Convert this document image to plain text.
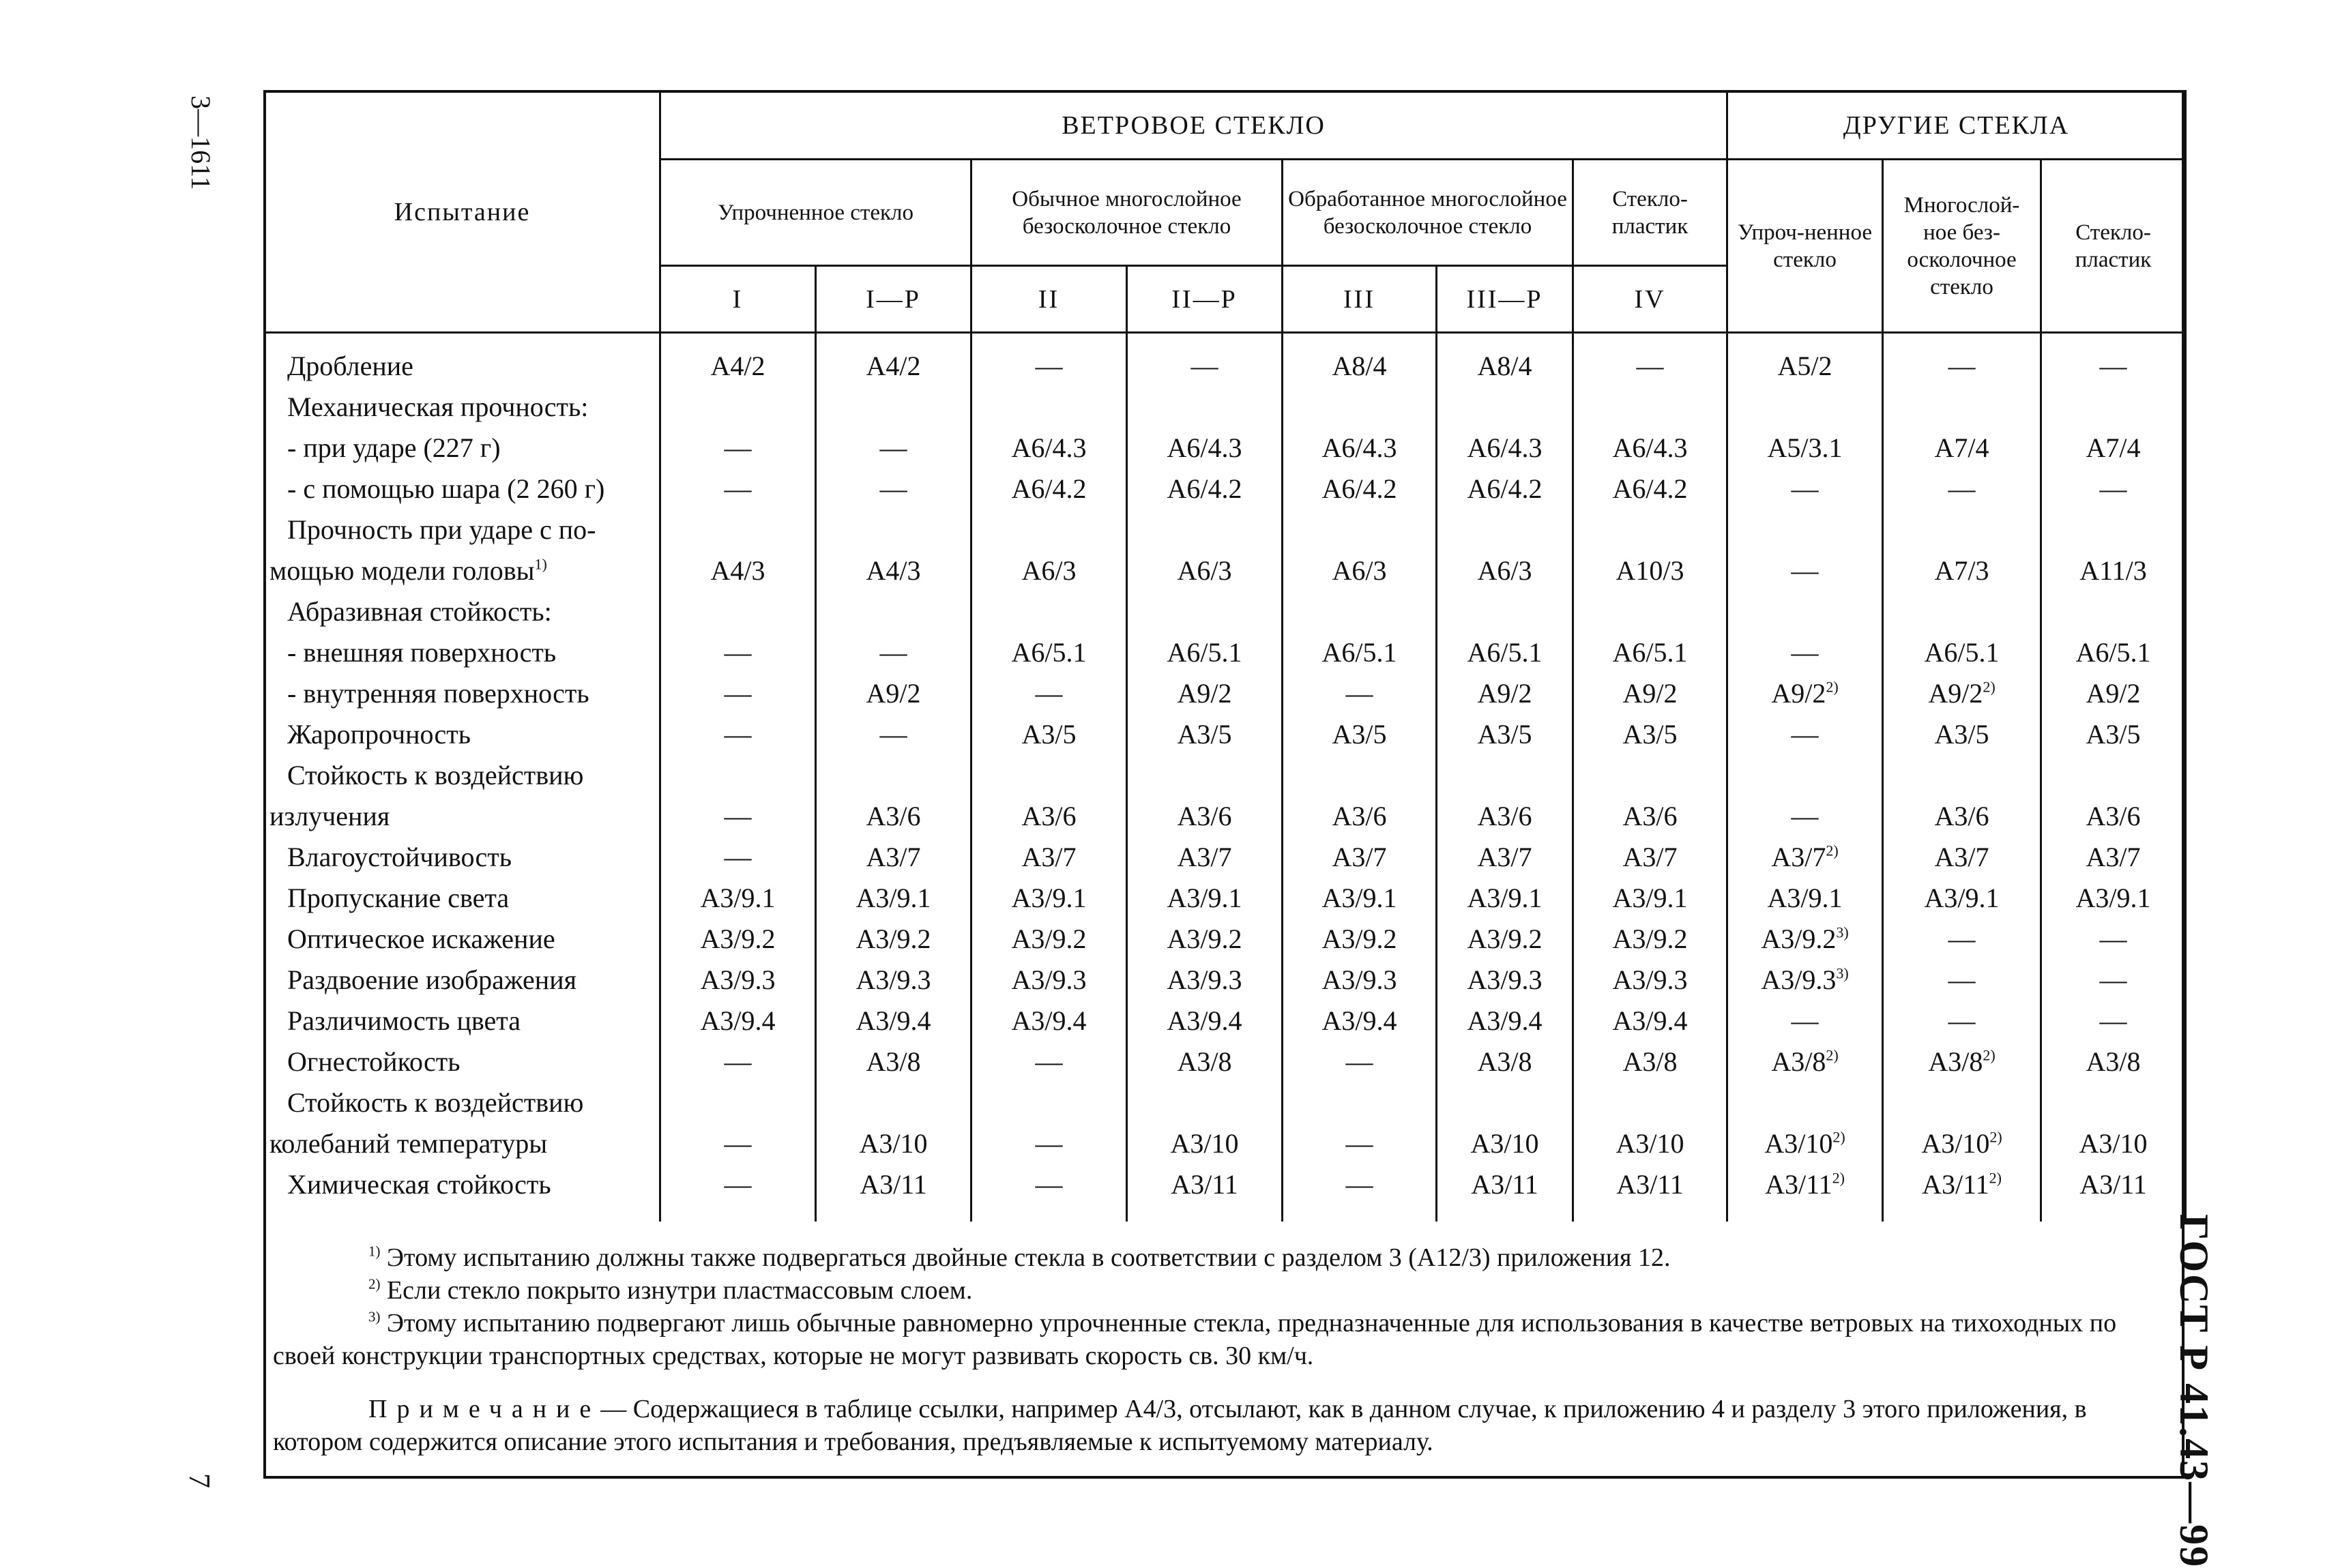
3—1611
7	ГОСТ Р 41.43—99
Испытание	ВЕТРОВОЕ СТЕКЛО							ДРУГИЕ СТЕКЛА		
	Упрочненное стекло		Обычное многослойное безосколочное стекло		Обработанное многослойное безосколочное стекло		Стекло-пластик	Упроч-ненное стекло	Многослой-ное без-осколочное стекло	Стекло-пластик
	I	I—P	II	II—P	III	III—P	IV			
Дробление	A4/2	A4/2	—	—	A8/4	A8/4	—	A5/2	—	—
Механическая прочность:										
- при ударе (227 г)	—	—	A6/4.3	A6/4.3	A6/4.3	A6/4.3	A6/4.3	A5/3.1	A7/4	A7/4
- с помощью шара (2 260 г)	—	—	A6/4.2	A6/4.2	A6/4.2	A6/4.2	A6/4.2	—	—	—
Прочность при ударе с по-										
мощью модели головы$^{1)}$	A4/3	A4/3	A6/3	A6/3	A6/3	A6/3	A10/3	—	A7/3	A11/3
Абразивная стойкость:										
- внешняя поверхность	—	—	A6/5.1	A6/5.1	A6/5.1	A6/5.1	A6/5.1	—	A6/5.1	A6/5.1
- внутренняя поверхность	—	A9/2	—	A9/2	—	A9/2	A9/2	A9/2$^{2)}$	A9/2$^{2)}$	A9/2
Жаропрочность	—	—	A3/5	A3/5	A3/5	A3/5	A3/5	—	A3/5	A3/5
Стойкость к воздействию										
излучения	—	A3/6	A3/6	A3/6	A3/6	A3/6	A3/6	—	A3/6	A3/6
Влагоустойчивость	—	A3/7	A3/7	A3/7	A3/7	A3/7	A3/7	A3/7$^{2)}$	A3/7	A3/7
Пропускание света	A3/9.1	A3/9.1	A3/9.1	A3/9.1	A3/9.1	A3/9.1	A3/9.1	A3/9.1	A3/9.1	A3/9.1
Оптическое искажение	A3/9.2	A3/9.2	A3/9.2	A3/9.2	A3/9.2	A3/9.2	A3/9.2	A3/9.2$^{3)}$	—	—
Раздвоение изображения	A3/9.3	A3/9.3	A3/9.3	A3/9.3	A3/9.3	A3/9.3	A3/9.3	A3/9.3$^{3)}$	—	—
Различимость цвета	A3/9.4	A3/9.4	A3/9.4	A3/9.4	A3/9.4	A3/9.4	A3/9.4	—	—	—
Огнестойкость	—	A3/8	—	A3/8	—	A3/8	A3/8	A3/8$^{2)}$	A3/8$^{2)}$	A3/8
Стойкость к воздействию										
колебаний температуры	—	A3/10	—	A3/10	—	A3/10	A3/10	A3/10$^{2)}$	A3/10$^{2)}$	A3/10
Химическая стойкость	—	A3/11	—	A3/11	—	A3/11	A3/11	A3/11$^{2)}$	A3/11$^{2)}$	A3/11

$^{1)}$ Этому испытанию должны также подвергаться двойные стекла в соответствии с разделом 3 (А12/3) приложения 12.

$^{2)}$ Если стекло покрыто изнутри пластмассовым слоем.

$^{3)}$ Этому испытанию подвергают лишь обычные равномерно упрочненные стекла, предназначенные для использования в качестве ветровых на тихоходных по своей конструкции транспортных средствах, которые не могут развивать скорость св. 30 км/ч.

Примечание— Содержащиеся в таблице ссылки, например А4/3, отсылают, как в данном случае, к приложению 4 и разделу 3 этого приложения, в котором содержится описание этого испытания и требования, предъявляемые к испытуемому материалу.
